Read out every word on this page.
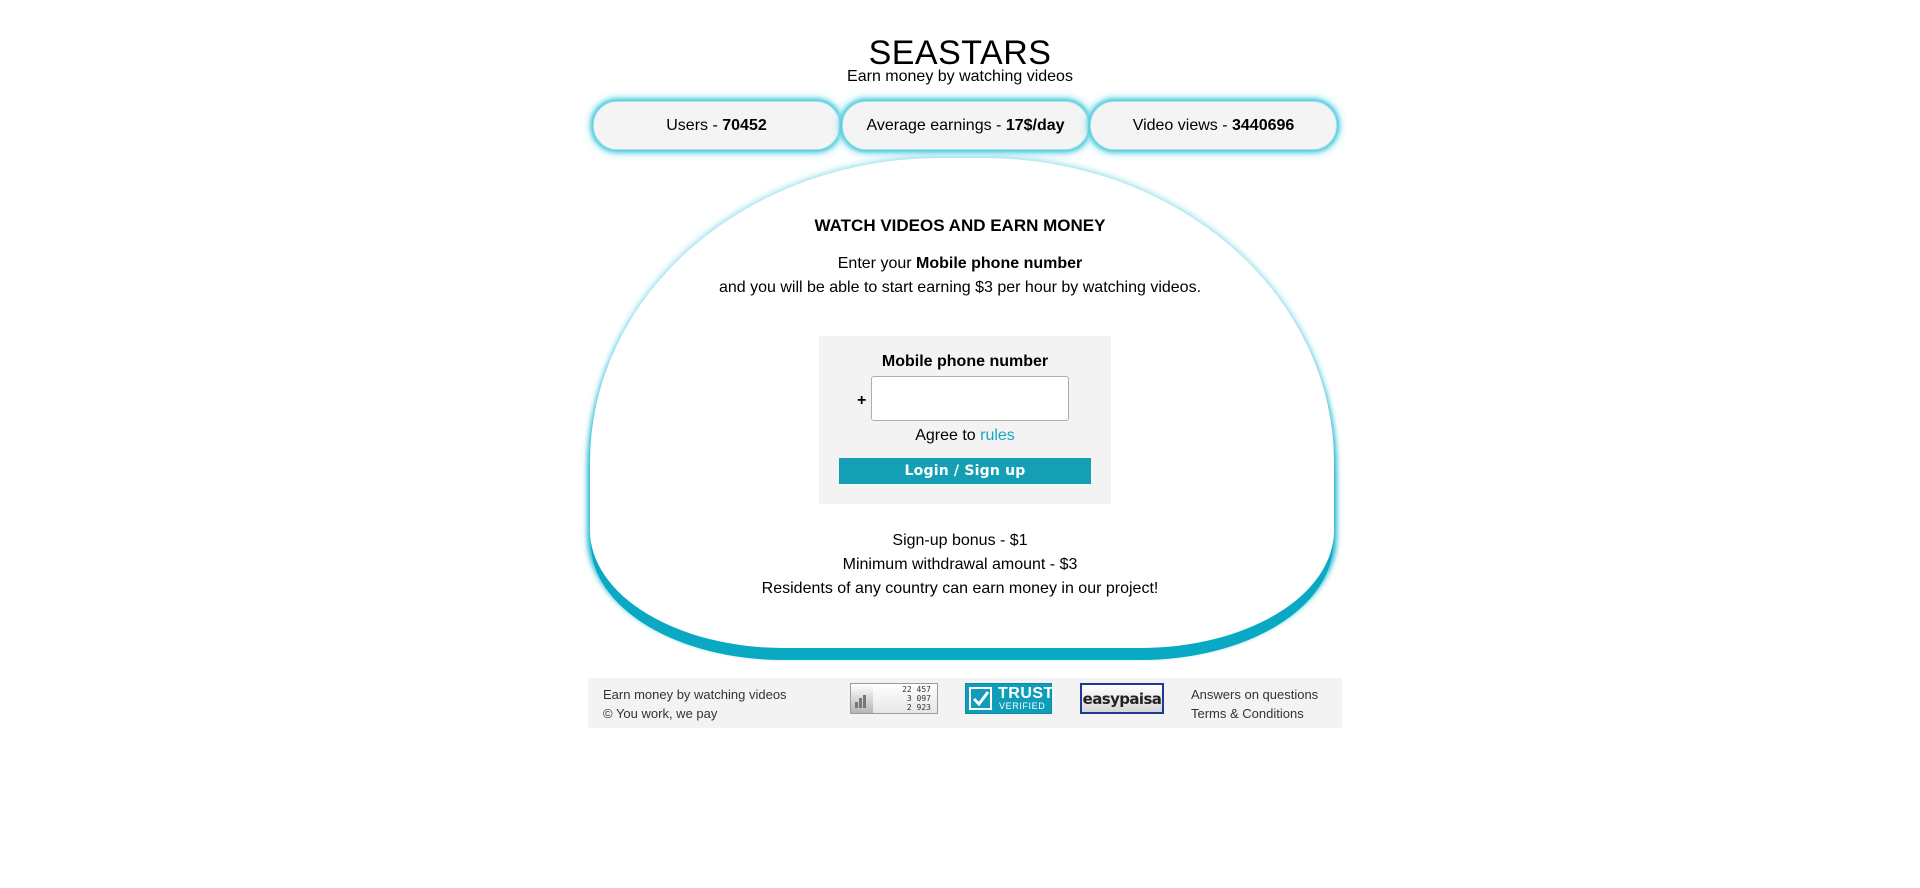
SEASTARS
Earn money by watching videos
Users - 70452	Average earnings - 17$/day	Video views - 3440696
WATCH VIDEOS AND EARN MONEY
Enter your Mobile phone number
and you will be able to start earning $3 per hour by watching videos.
Mobile phone number
+
Agree to rules
Login / Sign up
Sign-up bonus - $1
Minimum withdrawal amount - $3
Residents of any country can earn money in our project!
Earn money by watching videos
© You work, we pay
22 457
3 097
2 923
TRUST
VERIFIED easypaisa Answers on questions
Terms & Conditions
